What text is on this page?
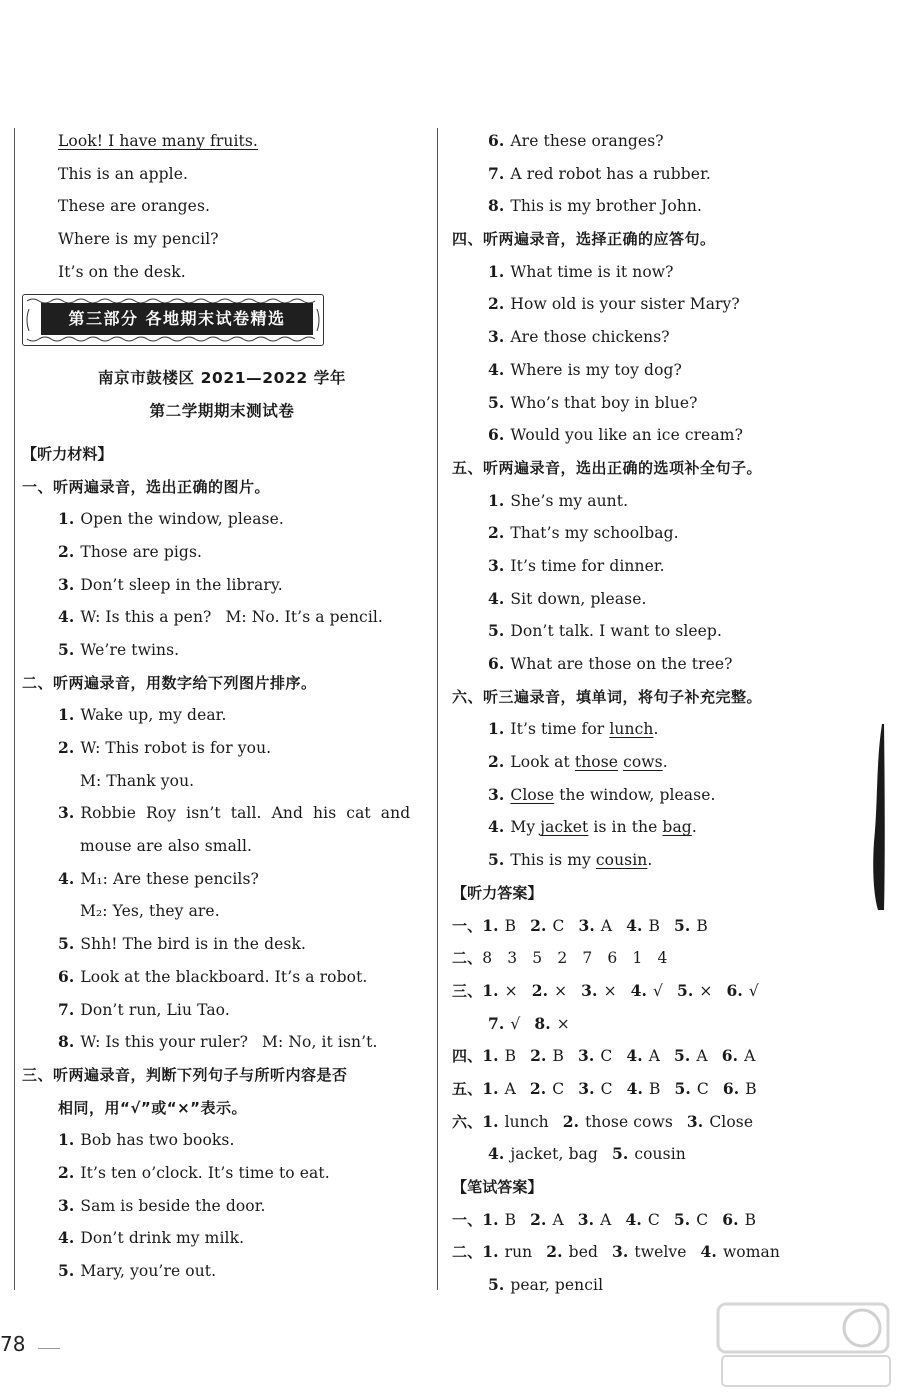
Look! I have many fruits.
This is an apple.
These are oranges.
Where is my pencil?
It’s on the desk.
第三部分 各地期末试卷精选
南京市鼓楼区 2021—2022 学年
第二学期期末测试卷
【听力材料】
一、听两遍录音，选出正确的图片。
1. Open the window, please.
2. Those are pigs.
3. Don’t sleep in the library.
4. W: Is this a pen? M: No. It’s a pencil.
5. We’re twins.
二、听两遍录音，用数字给下列图片排序。
1. Wake up, my dear.
2. W: This robot is for you.
M: Thank you.
3. Robbie  Roy  isn’t  tall.  And  his  cat  and
mouse are also small.
4. M₁: Are these pencils?
M₂: Yes, they are.
5. Shh! The bird is in the desk.
6. Look at the blackboard. It’s a robot.
7. Don’t run, Liu Tao.
8. W: Is this your ruler? M: No, it isn’t.
三、听两遍录音，判断下列句子与所听内容是否
相同，用“√”或“×”表示。
1. Bob has two books.
2. It’s ten o’clock. It’s time to eat.
3. Sam is beside the door.
4. Don’t drink my milk.
5. Mary, you’re out.
6. Are these oranges?
7. A red robot has a rubber.
8. This is my brother John.
四、听两遍录音，选择正确的应答句。
1. What time is it now?
2. How old is your sister Mary?
3. Are those chickens?
4. Where is my toy dog?
5. Who’s that boy in blue?
6. Would you like an ice cream?
五、听两遍录音，选出正确的选项补全句子。
1. She’s my aunt.
2. That’s my schoolbag.
3. It’s time for dinner.
4. Sit down, please.
5. Don’t talk. I want to sleep.
6. What are those on the tree?
六、听三遍录音，填单词，将句子补充完整。
1. It’s time for lunch.
2. Look at those cows.
3. Close the window, please.
4. My jacket is in the bag.
5. This is my cousin.
【听力答案】
一、1. B 2. C 3. A 4. B 5. B
二、8   3   5   2   7   6   1   4
三、1. × 2. × 3. × 4. √ 5. × 6. √
7. √ 8. ×
四、1. B 2. B 3. C 4. A 5. A 6. A
五、1. A 2. C 3. C 4. B 5. C 6. B
六、1. lunch 2. those cows 3. Close
4. jacket, bag 5. cousin
【笔试答案】
一、1. B 2. A 3. A 4. C 5. C 6. B
二、1. run 2. bed 3. twelve 4. woman
5. pear, pencil
78
